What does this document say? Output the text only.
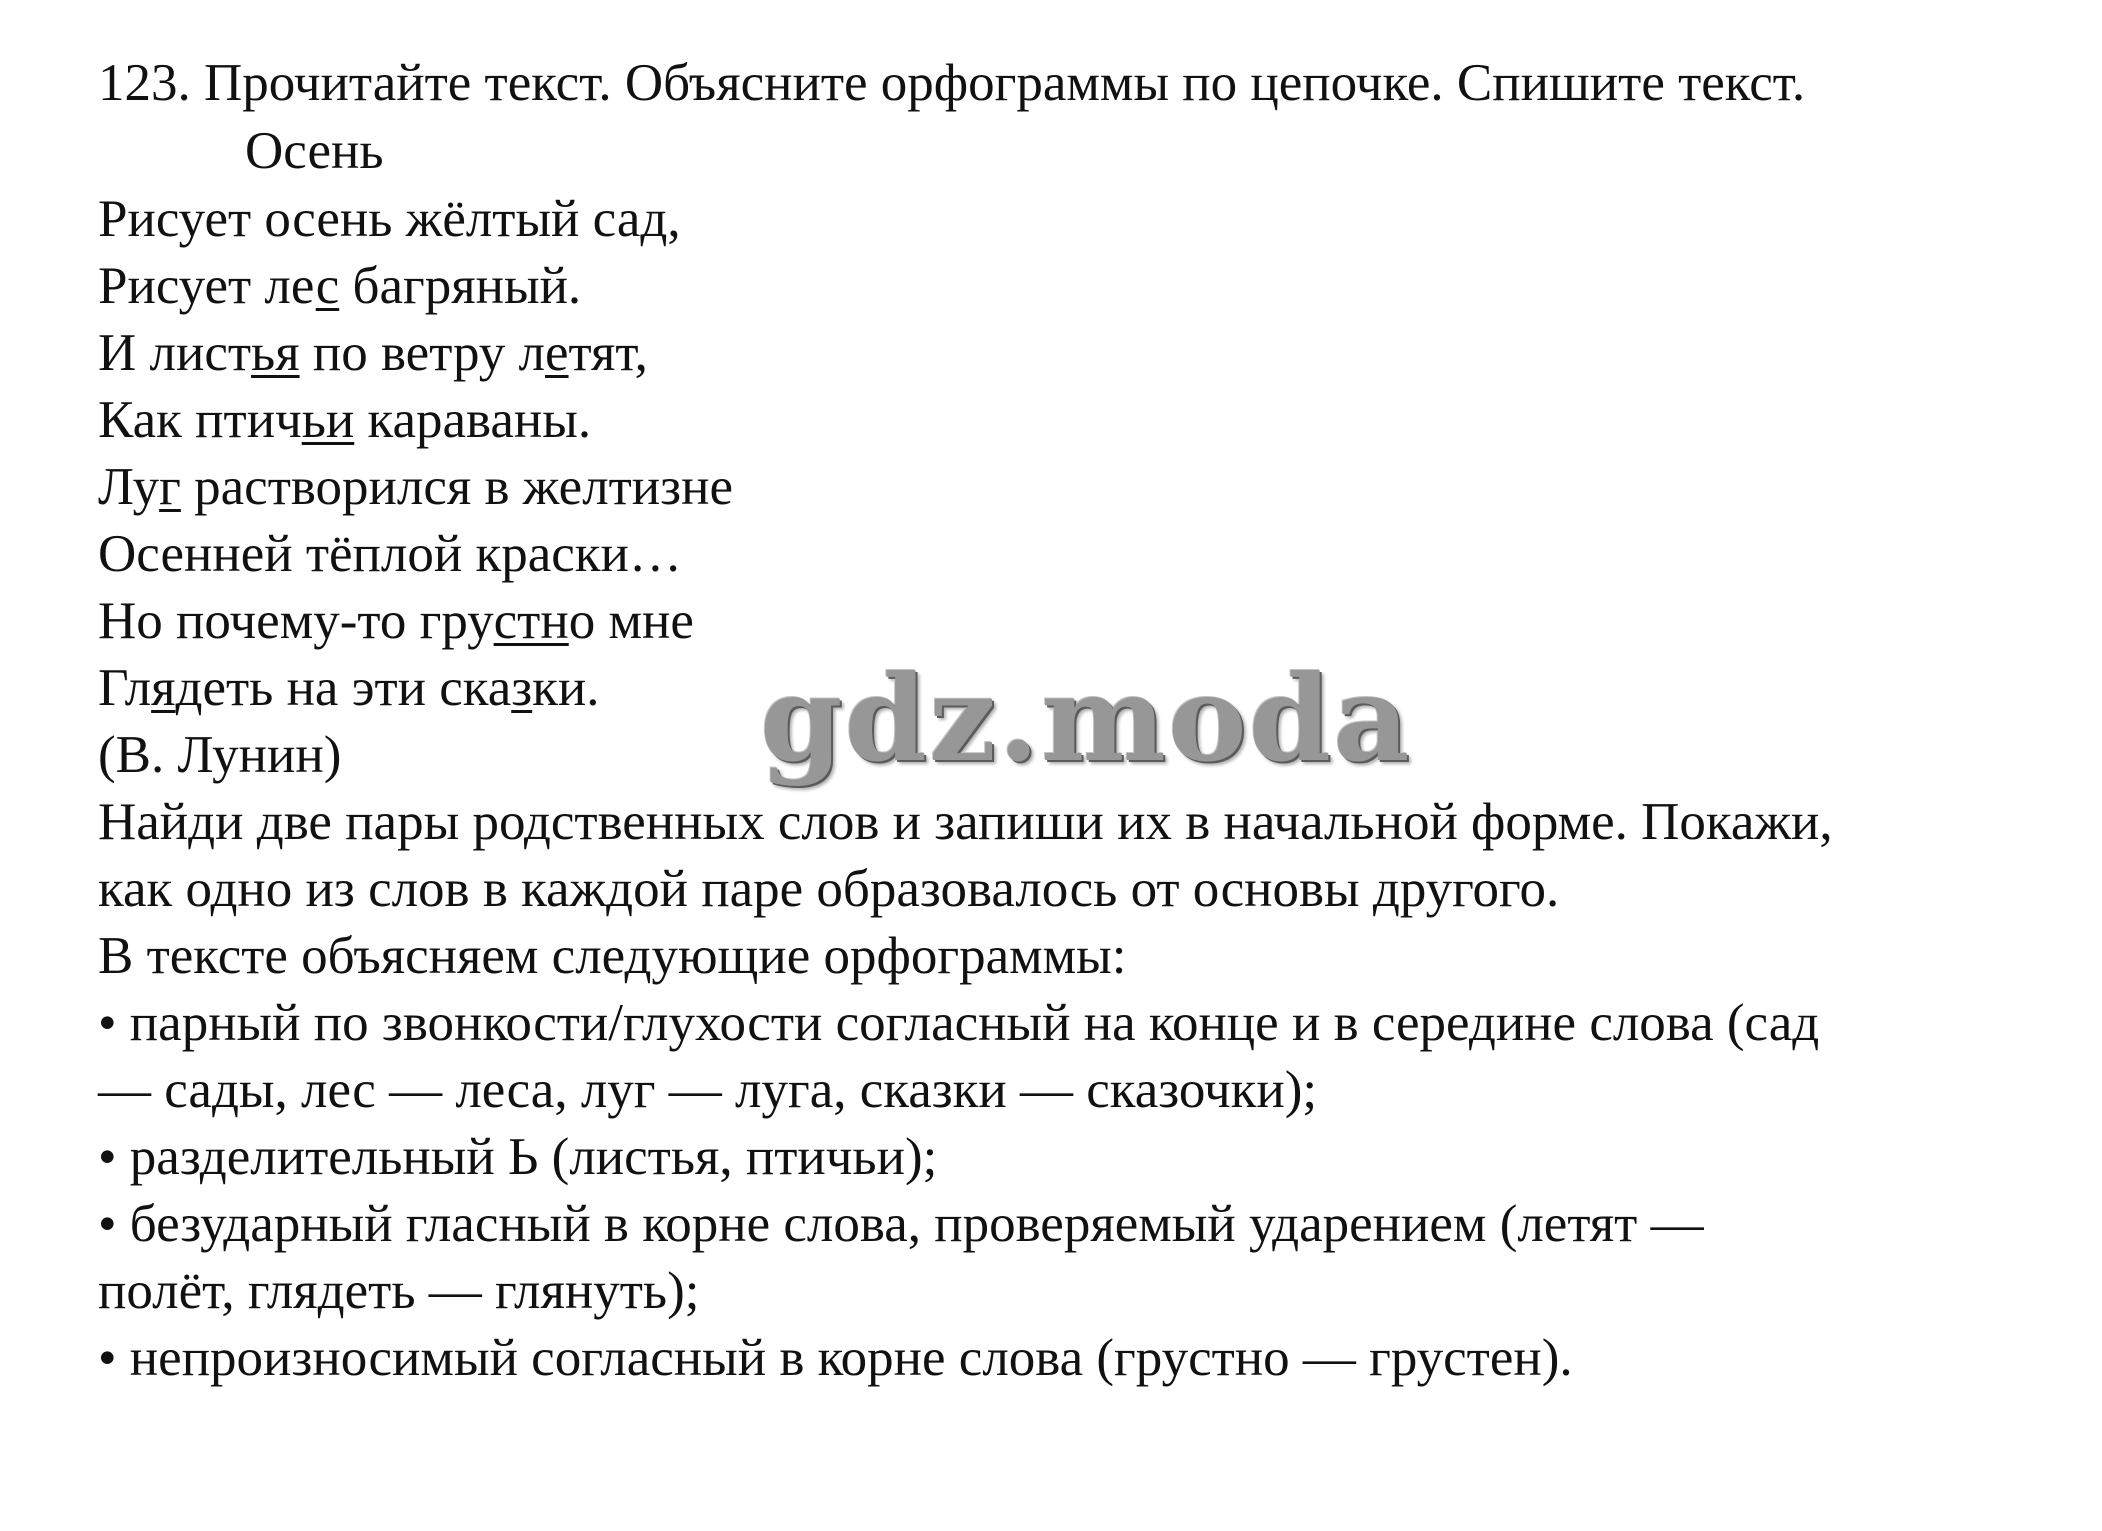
123. Прочитайте текст. Объясните орфограммы по цепочке. Спишите текст.
Осень
Рисует осень жёлтый сад,
Рисует лес багряный.
И листья по ветру летят,
Как птичьи караваны.
Луг растворился в желтизне
Осенней тёплой краски…
Но почему-то грустно мне
Глядеть на эти сказки.
(В. Лунин)
Найди две пары родственных слов и запиши их в начальной форме. Покажи,
как одно из слов в каждой паре образовалось от основы другого.
В тексте объясняем следующие орфограммы:
• парный по звонкости/глухости согласный на конце и в середине слова (сад
— сады, лес — леса, луг — луга, сказки — сказочки);
• разделительный Ь (листья, птичьи);
• безударный гласный в корне слова, проверяемый ударением (летят —
полёт, глядеть — глянуть);
• непроизносимый согласный в корне слова (грустно — грустен).
gdz.moda
